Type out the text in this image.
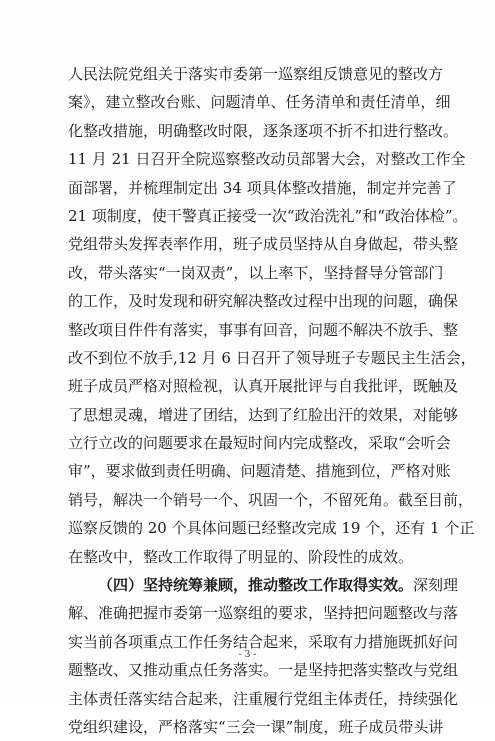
人民法院党组关于落实市委第一巡察组反馈意见的整改方
案》，建立整改台账、问题清单、任务清单和责任清单，细
化整改措施，明确整改时限，逐条逐项不折不扣进行整改。
11 月 21 日召开全院巡察整改动员部署大会，对整改工作全
面部署，并梳理制定出 34 项具体整改措施，制定并完善了
21 项制度，使干警真正接受一次“政治洗礼”和“政治体检”。
党组带头发挥表率作用，班子成员坚持从自身做起，带头整
改，带头落实“一岗双责”，以上率下，坚持督导分管部门
的工作，及时发现和研究解决整改过程中出现的问题，确保
整改项目件件有落实，事事有回音，问题不解决不放手、整
改不到位不放手,12 月 6 日召开了领导班子专题民主生活会，
班子成员严格对照检视，认真开展批评与自我批评，既触及
了思想灵魂，增进了团结，达到了红脸出汗的效果，对能够
立行立改的问题要求在最短时间内完成整改，采取“会听会
审”，要求做到责任明确、问题清楚、措施到位，严格对账
销号，解决一个销号一个、巩固一个，不留死角。截至目前，
巡察反馈的 20 个具体问题已经整改完成 19 个，还有 1 个正
在整改中，整改工作取得了明显的、阶段性的成效。
（四）坚持统筹兼顾，推动整改工作取得实效。深刻理
解、准确把握市委第一巡察组的要求，坚持把问题整改与落
实当前各项重点工作任务结合起来，采取有力措施既抓好问
题整改、又推动重点任务落实。一是坚持把落实整改与党组
主体责任落实结合起来，注重履行党组主体责任，持续强化
党组织建设，严格落实“三会一课”制度，班子成员带头讲
- 3 -
